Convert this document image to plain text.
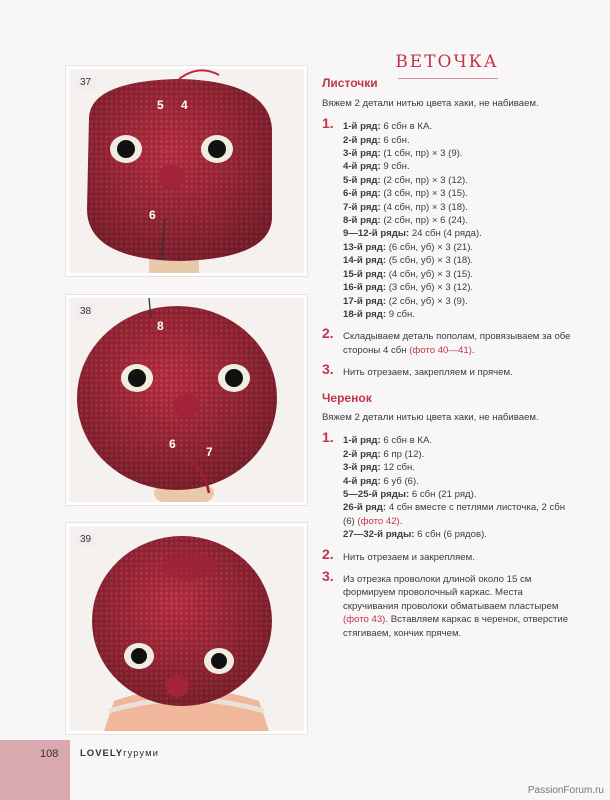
5 4
6
37
8
6
7
38
39
ВЕТОЧКА
Листочки
Вяжем 2 детали нитью цвета хаки, не набиваем.
1. 1-й ряд: 6 сбн в КА.
2-й ряд: 6 сбн.
3-й ряд: (1 сбн, пр) × 3 (9).
4-й ряд: 9 сбн.
5-й ряд: (2 сбн, пр) × 3 (12).
6-й ряд: (3 сбн, пр) × 3 (15).
7-й ряд: (4 сбн, пр) × 3 (18).
8-й ряд: (2 сбн, пр) × 6 (24).
9—12-й ряды: 24 сбн (4 ряда).
13-й ряд: (6 сбн, уб) × 3 (21).
14-й ряд: (5 сбн, уб) × 3 (18).
15-й ряд: (4 сбн, уб) × 3 (15).
16-й ряд: (3 сбн, уб) × 3 (12).
17-й ряд: (2 сбн, уб) × 3 (9).
18-й ряд: 9 сбн.
2. Складываем деталь пополам, провязываем за обе стороны 4 сбн (фото 40—41).
3. Нить отрезаем, закрепляем и прячем.
Черенок
Вяжем 2 детали нитью цвета хаки, не набиваем.
1. 1-й ряд: 6 сбн в КА.
2-й ряд: 6 пр (12).
3-й ряд: 12 сбн.
4-й ряд: 6 уб (6).
5—25-й ряды: 6 сбн (21 ряд).
26-й ряд: 4 сбн вместе с петлями листочка, 2 сбн (6) (фото 42).
27—32-й ряды: 6 сбн (6 рядов).
2. Нить отрезаем и закрепляем.
3. Из отрезка проволоки длиной около 15 см формируем проволочный каркас. Места скручивания проволоки обматываем пластырем (фото 43). Вставляем каркас в черенок, отверстие стягиваем, кончик прячем.
108 LOVELYгуруми
PassionForum.ru
